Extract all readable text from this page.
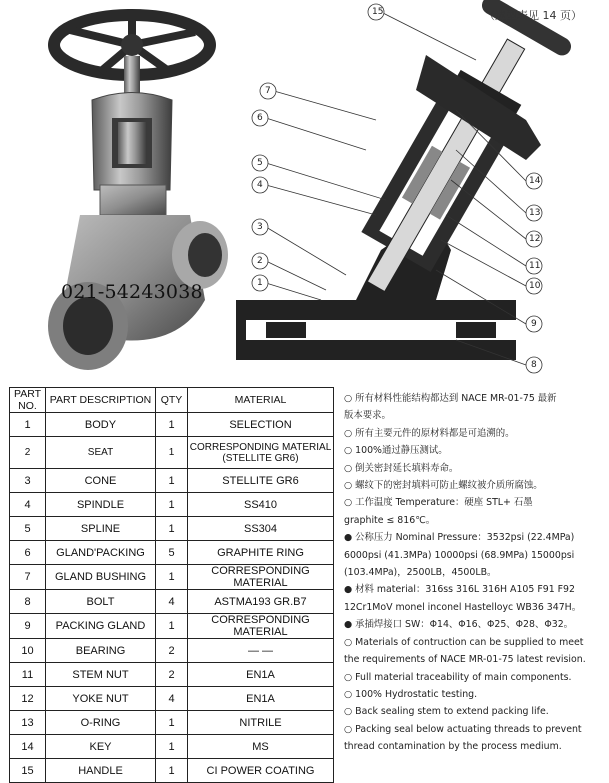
021-54243038
15
7
6
5
4
3
2
1
14
13
12
11
10
9
8
（选型表见 14 页）
PART NO.	PART DESCRIPTION	QTY	MATERIAL
1	BODY	1	SELECTION
2	SEAT	1	CORRESPONDING MATERIAL (STELLITE GR6)
3	CONE	1	STELLITE GR6
4	SPINDLE	1	SS410
5	SPLINE	1	SS304
6	GLAND'PACKING	5	GRAPHITE RING
7	GLAND BUSHING	1	CORRESPONDING MATERIAL
8	BOLT	4	ASTMA193 GR.B7
9	PACKING GLAND	1	CORRESPONDING MATERIAL
10	BEARING	2	— —
11	STEM NUT	2	EN1A
12	YOKE NUT	4	EN1A
13	O-RING	1	NITRILE
14	KEY	1	MS
15	HANDLE	1	CI POWER COATING
○ 所有材料性能结构都达到 NACE MR-01-75 最新
版本要求。
○ 所有主要元件的原材料都是可追溯的。
○ 100%通过静压测试。
○ 倒关密封延长填料寿命。
○ 螺纹下的密封填料可防止螺纹被介质所腐蚀。
○ 工作温度 Temperature：硬座 STL+ 石墨
graphite ≤ 816℃。
● 公称压力 Nominal Pressure：3532psi (22.4MPa)
6000psi (41.3MPa) 10000psi (68.9MPa) 15000psi
(103.4MPa)，2500LB，4500LB。
● 材料 material：316ss 316L 316H A105 F91 F92
12Cr1MoV monel inconel Hastelloyc WB36 347H。
● 承插焊接口 SW：Φ14、Φ16、Φ25、Φ28、Φ32。
○ Materials of contruction can be supplied to meet
the requirements of NACE MR-01-75 latest revision.
○ Full material traceability of main components.
○ 100% Hydrostatic testing.
○ Back sealing stem to extend packing life.
○ Packing seal below actuating threads to prevent
thread contamination by the process medium.
